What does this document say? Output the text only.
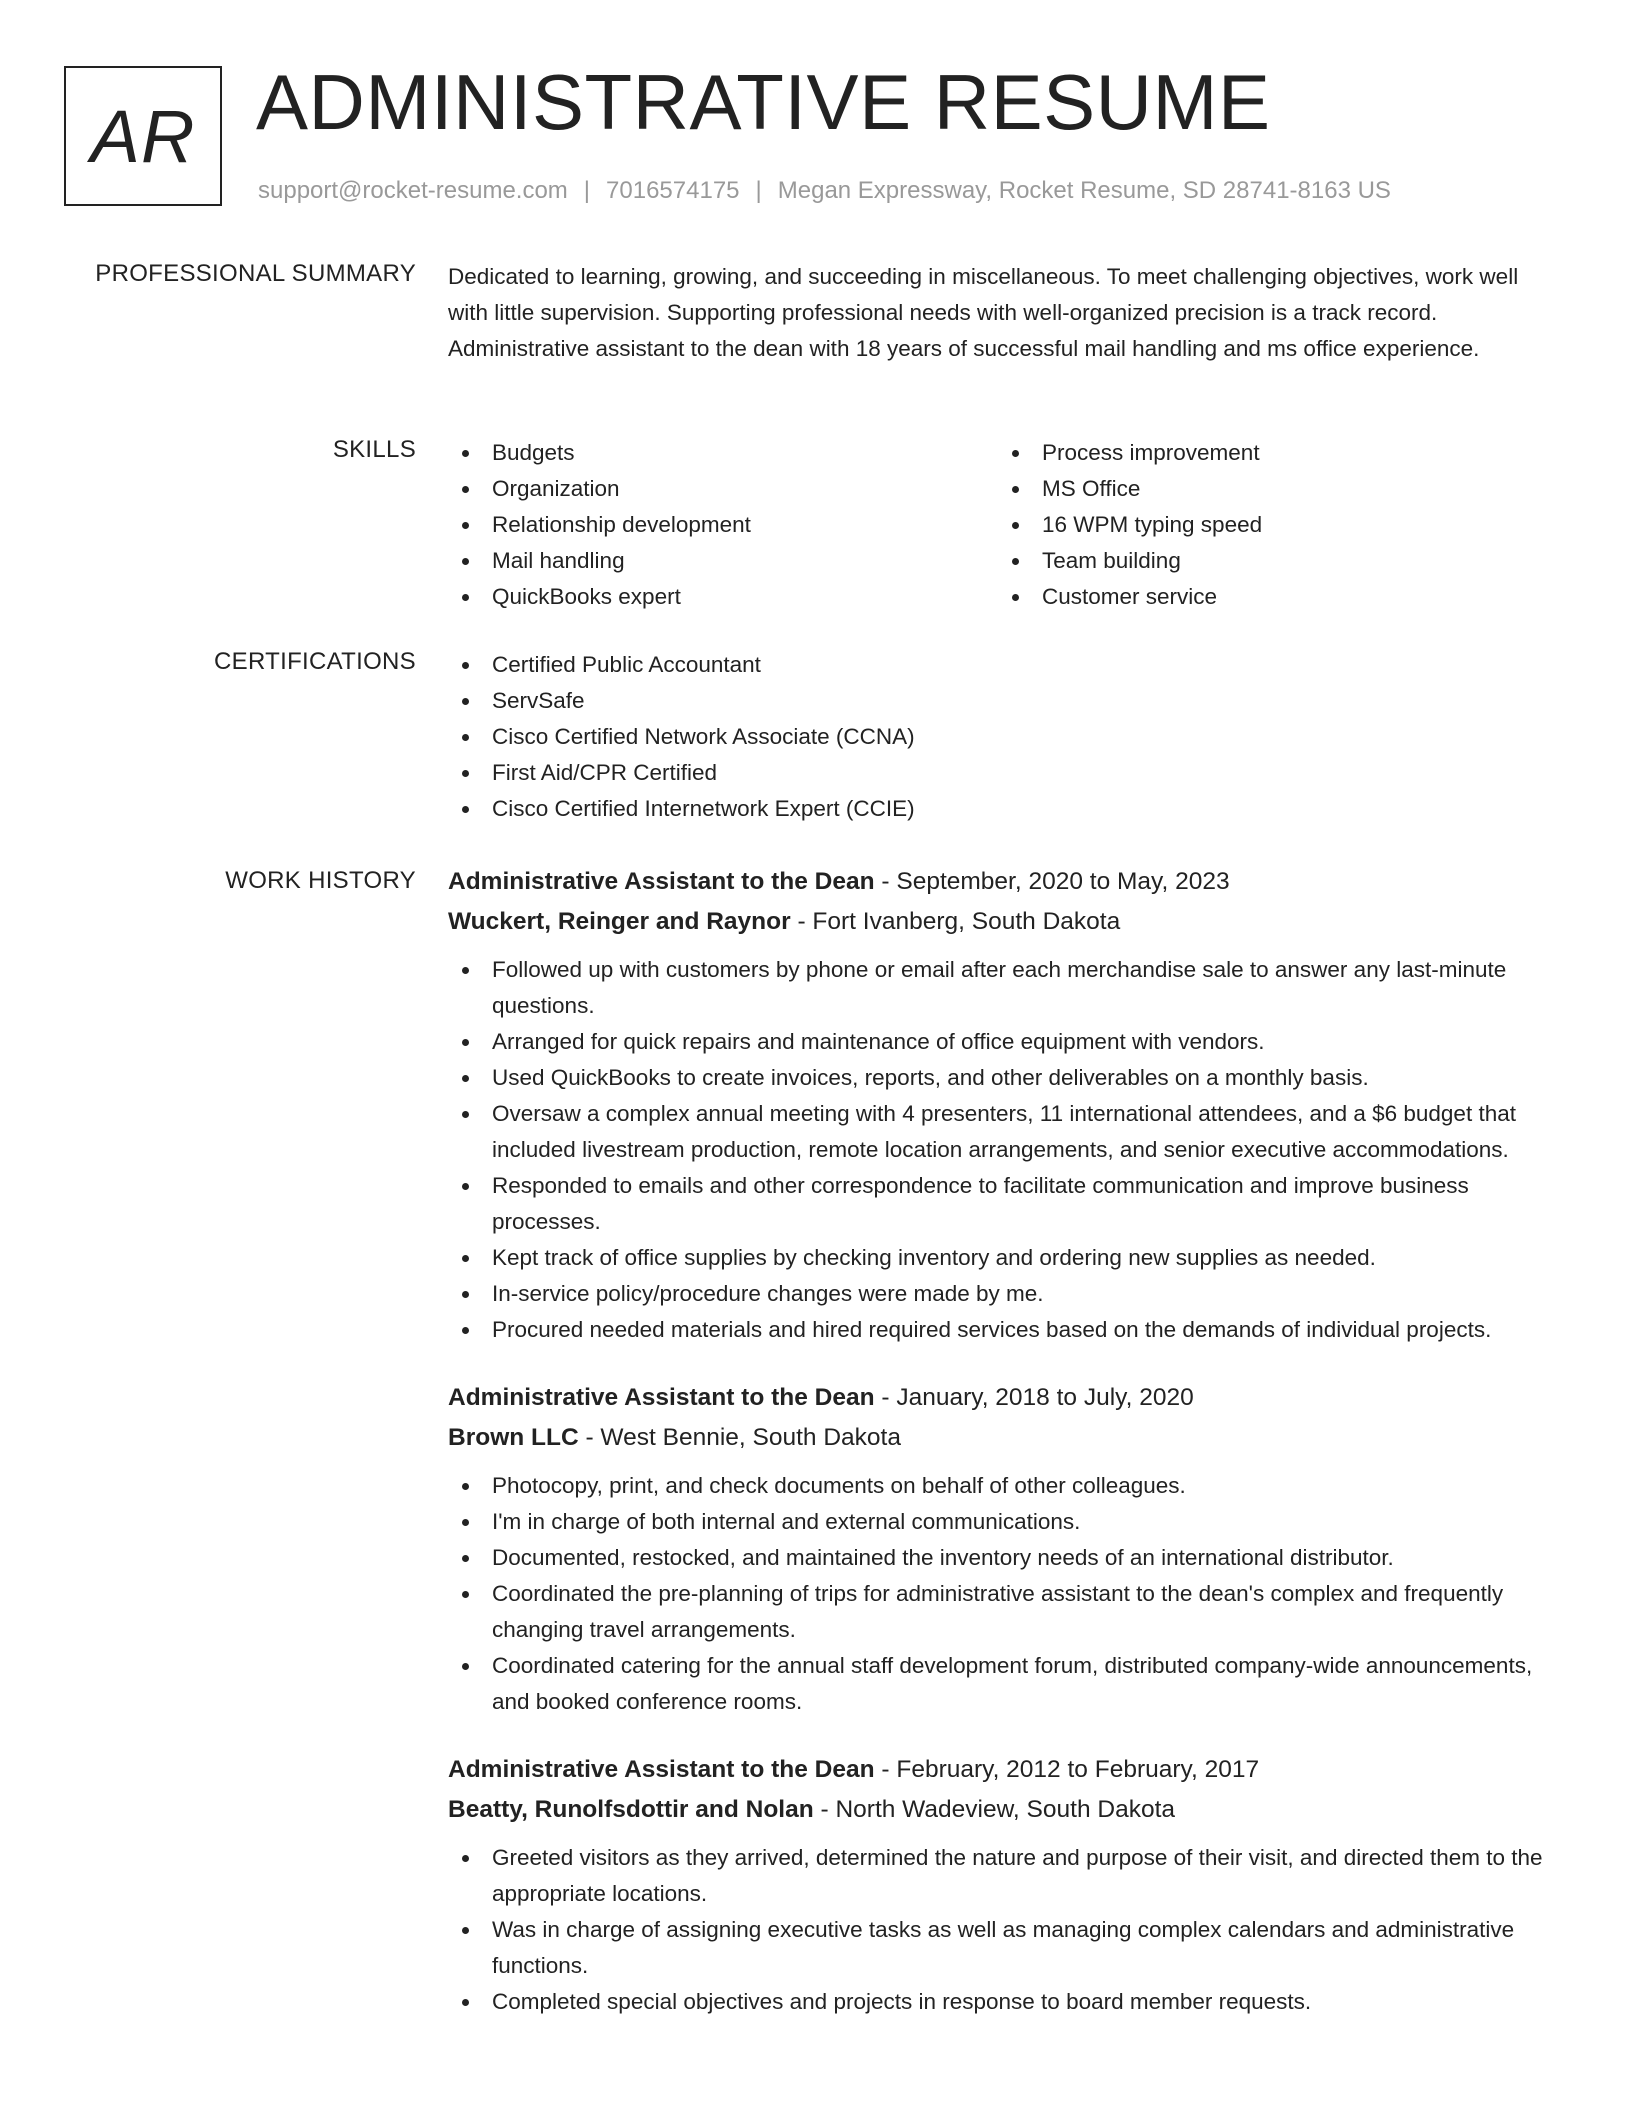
AR ADMINISTRATIVE RESUME
support@rocket-resume.com | 7016574175 | Megan Expressway, Rocket Resume, SD 28741-8163 US
PROFESSIONAL SUMMARY Dedicated to learning, growing, and succeeding in miscellaneous. To meet challenging objectives, work well with little supervision. Supporting professional needs with well-organized precision is a track record. Administrative assistant to the dean with 18 years of successful mail handling and ms office experience.

SKILLS	Budgets
Organization
Relationship development
Mail handling
QuickBooks expert
Process improvement
MS Office
16 WPM typing speed
Team building
Customer service
CERTIFICATIONS	Certified Public Accountant
ServSafe
Cisco Certified Network Associate (CCNA)
First Aid/CPR Certified
Cisco Certified Internetwork Expert (CCIE)
WORK HISTORY Administrative Assistant to the Dean - September, 2020 to May, 2023
Wuckert, Reinger and Raynor - Fort Ivanberg, South Dakota
Followed up with customers by phone or email after each merchandise sale to answer any last-minute questions.
Arranged for quick repairs and maintenance of office equipment with vendors.
Used QuickBooks to create invoices, reports, and other deliverables on a monthly basis.
Oversaw a complex annual meeting with 4 presenters, 11 international attendees, and a $6 budget that included livestream production, remote location arrangements, and senior executive accommodations.
Responded to emails and other correspondence to facilitate communication and improve business processes.
Kept track of office supplies by checking inventory and ordering new supplies as needed.
In-service policy/procedure changes were made by me.
Procured needed materials and hired required services based on the demands of individual projects.
Administrative Assistant to the Dean - January, 2018 to July, 2020
Brown LLC - West Bennie, South Dakota
Photocopy, print, and check documents on behalf of other colleagues.
I'm in charge of both internal and external communications.
Documented, restocked, and maintained the inventory needs of an international distributor.
Coordinated the pre-planning of trips for administrative assistant to the dean's complex and frequently changing travel arrangements.
Coordinated catering for the annual staff development forum, distributed company-wide announcements, and booked conference rooms.
Administrative Assistant to the Dean - February, 2012 to February, 2017
Beatty, Runolfsdottir and Nolan - North Wadeview, South Dakota
Greeted visitors as they arrived, determined the nature and purpose of their visit, and directed them to the appropriate locations.
Was in charge of assigning executive tasks as well as managing complex calendars and administrative functions.
Completed special objectives and projects in response to board member requests.
